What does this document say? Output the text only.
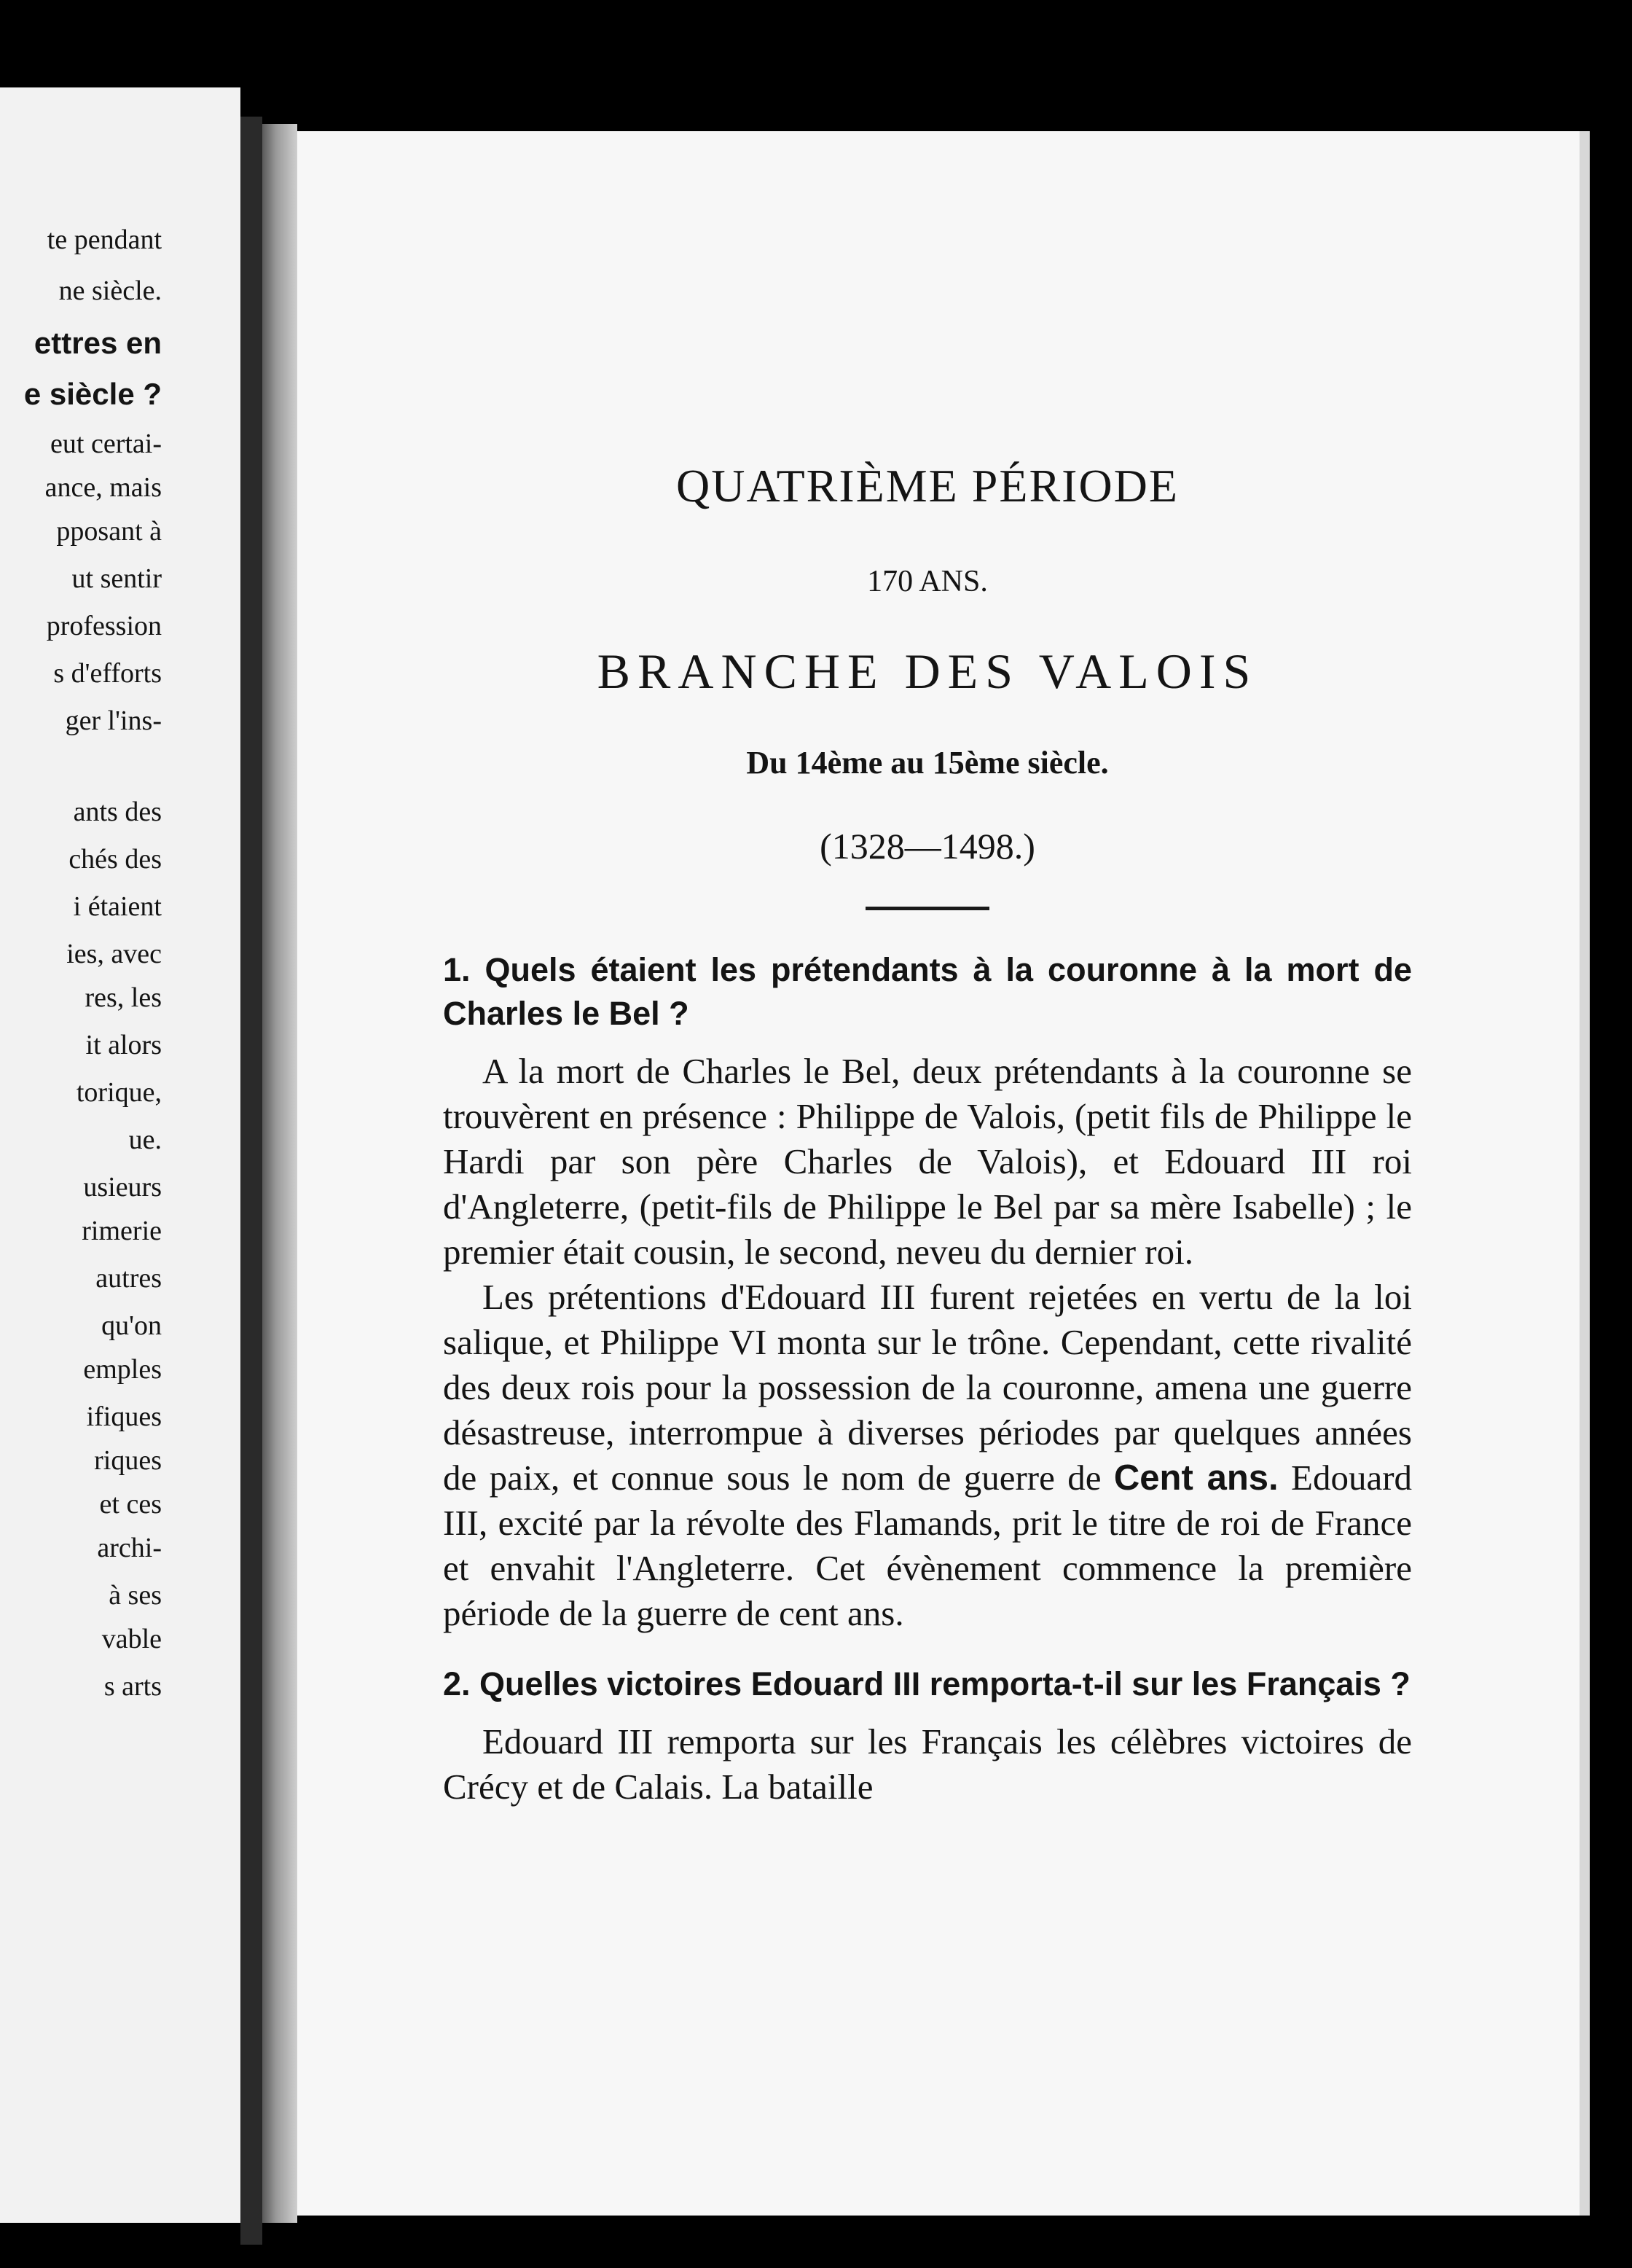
te pendant
ne siècle.
ettres en
e siècle ?
eut certai-
ance, mais
pposant à
ut sentir
profession
s d'efforts
ger l'ins-
ants des
chés des
i étaient
ies, avec
res, les
it alors
torique,
ue.
usieurs
rimerie
autres
qu'on
emples
ifiques
riques
et ces
archi-
à ses
vable
s arts
QUATRIÈME PÉRIODE
170 ANS.
BRANCHE DES VALOIS
Du 14ème au 15ème siècle.
(1328—1498.)

1. Quels étaient les prétendants à la couronne à la mort de Charles le Bel ?

A la mort de Charles le Bel, deux prétendants à la couronne se trouvèrent en présence : Philippe de Valois, (petit fils de Philippe le Hardi par son père Charles de Valois), et Edouard III roi d'Angleterre, (petit-fils de Philippe le Bel par sa mère Isabelle) ; le premier était cousin, le second, neveu du dernier roi.

Les prétentions d'Edouard III furent rejetées en vertu de la loi salique, et Philippe VI monta sur le trône. Cependant, cette rivalité des deux rois pour la possession de la couronne, amena une guerre désastreuse, interrompue à diverses périodes par quelques années de paix, et connue sous le nom de guerre de Cent ans. Edouard III, excité par la révolte des Flamands, prit le titre de roi de France et envahit l'Angleterre. Cet évènement commence la première période de la guerre de cent ans.

2. Quelles victoires Edouard III remporta-t-il sur les Français ?

Edouard III remporta sur les Français les célèbres victoires de Crécy et de Calais. La bataille
